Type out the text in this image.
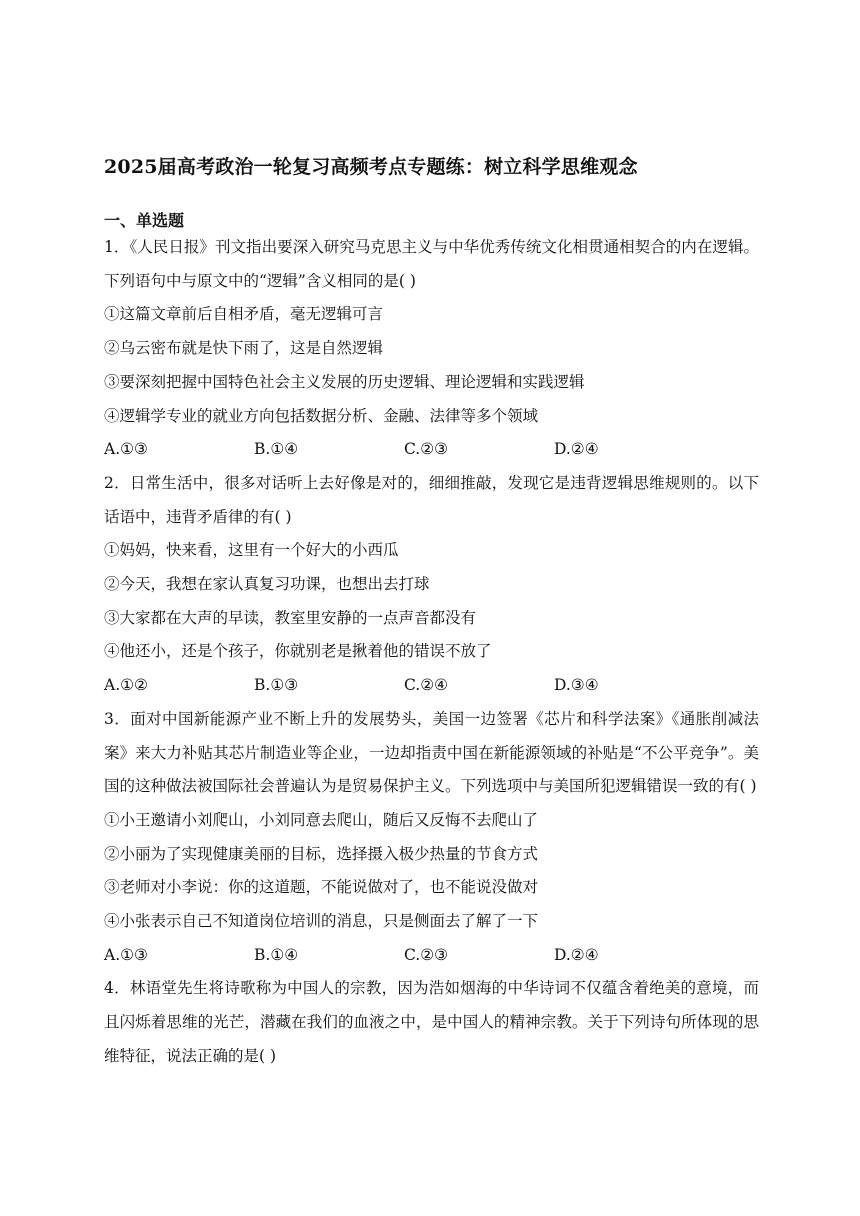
2025届高考政治一轮复习高频考点专题练：树立科学思维观念
一、单选题
1．《人民日报》刊文指出要深入研究马克思主义与中华优秀传统文化相贯通相契合的内在逻辑。下列语句中与原文中的“逻辑”含义相同的是( )
①这篇文章前后自相矛盾，毫无逻辑可言
②乌云密布就是快下雨了，这是自然逻辑
③要深刻把握中国特色社会主义发展的历史逻辑、理论逻辑和实践逻辑
④逻辑学专业的就业方向包括数据分析、金融、法律等多个领域
A.①③	B.①④	C.②③	D.②④
2．日常生活中，很多对话听上去好像是对的，细细推敲，发现它是违背逻辑思维规则的。以下话语中，违背矛盾律的有( )
①妈妈，快来看，这里有一个好大的小西瓜
②今天，我想在家认真复习功课，也想出去打球
③大家都在大声的早读，教室里安静的一点声音都没有
④他还小，还是个孩子，你就别老是揪着他的错误不放了
A.①②	B.①③	C.②④	D.③④
3．面对中国新能源产业不断上升的发展势头，美国一边签署《芯片和科学法案》《通胀削减法案》来大力补贴其芯片制造业等企业，一边却指责中国在新能源领域的补贴是“不公平竞争”。美国的这种做法被国际社会普遍认为是贸易保护主义。下列选项中与美国所犯逻辑错误一致的有( )
①小王邀请小刘爬山，小刘同意去爬山，随后又反悔不去爬山了
②小丽为了实现健康美丽的目标，选择摄入极少热量的节食方式
③老师对小李说：你的这道题，不能说做对了，也不能说没做对
④小张表示自己不知道岗位培训的消息，只是侧面去了解了一下
A.①③	B.①④	C.②③	D.②④
4．林语堂先生将诗歌称为中国人的宗教，因为浩如烟海的中华诗词不仅蕴含着绝美的意境，而且闪烁着思维的光芒，潜藏在我们的血液之中，是中国人的精神宗教。关于下列诗句所体现的思维特征，说法正确的是( )
